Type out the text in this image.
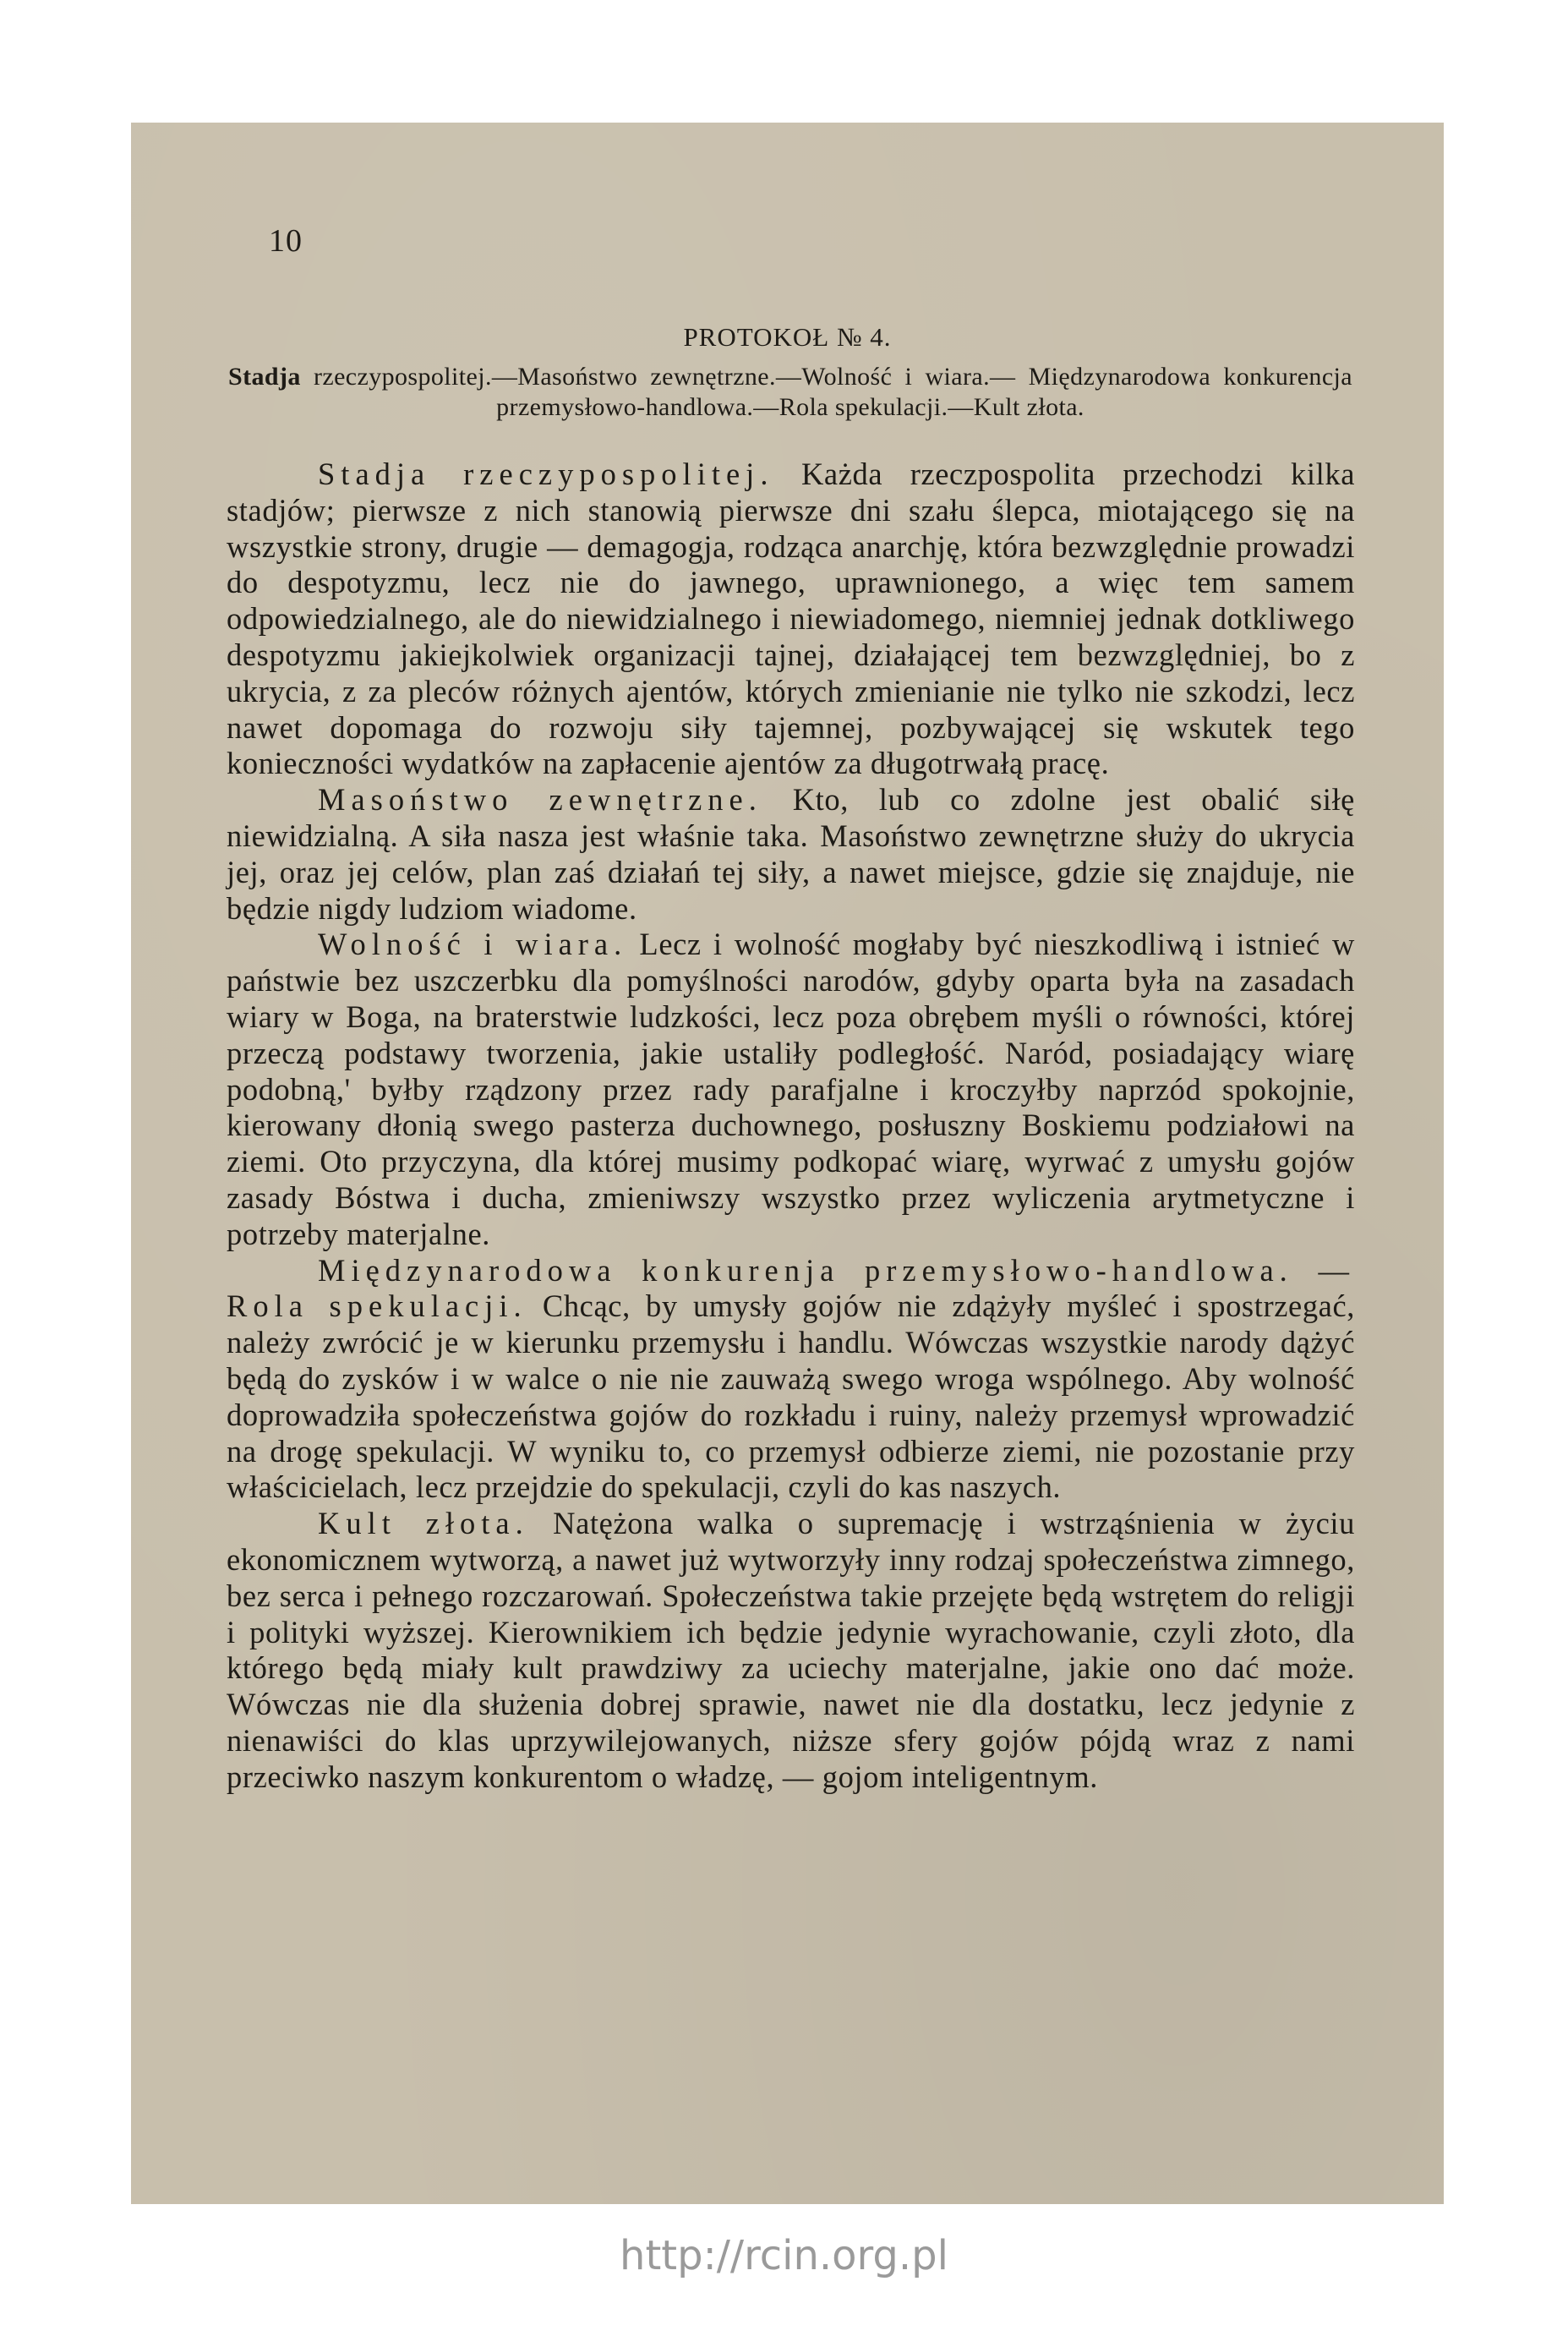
10
PROTOKOŁ № 4.
Stadja rzeczypospolitej.—Masoństwo zewnętrzne.—Wolność i wiara.— Międzynarodowa konkurencja przemysłowo-handlowa.—Rola spekulacji.—Kult złota.

Stadja rzeczypospolitej. Każda rzeczpospolita przechodzi kilka stadjów; pierwsze z nich stanowią pierwsze dni szału ślepca, miotającego się na wszystkie strony, drugie — demagogja, rodząca anarchję, która bezwzględnie prowadzi do despotyzmu, lecz nie do jawnego, uprawnionego, a więc tem samem odpowiedzialnego, ale do niewidzialnego i niewiadomego, niemniej jednak dotkliwego despotyzmu jakiejkolwiek organizacji tajnej, działającej tem bezwzględniej, bo z ukrycia, z za pleców różnych ajentów, których zmienianie nie tylko nie szkodzi, lecz nawet dopomaga do rozwoju siły tajemnej, pozbywającej się wskutek tego konieczności wydatków na zapłacenie ajentów za długotrwałą pracę.

Masoństwo zewnętrzne. Kto, lub co zdolne jest obalić siłę niewidzialną. A siła nasza jest właśnie taka. Masoństwo zewnętrzne służy do ukrycia jej, oraz jej celów, plan zaś działań tej siły, a nawet miejsce, gdzie się znajduje, nie będzie nigdy ludziom wiadome.

Wolność i wiara. Lecz i wolność mogłaby być nieszkodliwą i istnieć w państwie bez uszczerbku dla pomyślności narodów, gdyby oparta była na zasadach wiary w Boga, na braterstwie ludzkości, lecz poza obrębem myśli o równości, której przeczą podstawy tworzenia, jakie ustaliły podległość. Naród, posiadający wiarę podobną,' byłby rządzony przez rady parafjalne i kroczyłby naprzód spokojnie, kierowany dłonią swego pasterza duchownego, posłuszny Boskiemu podziałowi na ziemi. Oto przyczyna, dla której musimy podkopać wiarę, wyrwać z umysłu gojów zasady Bóstwa i ducha, zmieniwszy wszystko przez wyliczenia arytmetyczne i potrzeby materjalne.

Międzynarodowa konkurenja przemysłowo-handlowa. — Rola spekulacji. Chcąc, by umysły gojów nie zdążyły myśleć i spostrzegać, należy zwrócić je w kierunku przemysłu i handlu. Wówczas wszystkie narody dążyć będą do zysków i w walce o nie nie zauważą swego wroga wspólnego. Aby wolność doprowadziła społeczeństwa gojów do rozkładu i ruiny, należy przemysł wprowadzić na drogę spekulacji. W wyniku to, co przemysł odbierze ziemi, nie pozostanie przy właścicielach, lecz przejdzie do spekulacji, czyli do kas naszych.

Kult złota. Natężona walka o supremację i wstrząśnienia w życiu ekonomicznem wytworzą, a nawet już wytworzyły inny rodzaj społeczeństwa zimnego, bez serca i pełnego rozczarowań. Społeczeństwa takie przejęte będą wstrętem do religji i polityki wyższej. Kierownikiem ich będzie jedynie wyrachowanie, czyli złoto, dla którego będą miały kult prawdziwy za uciechy materjalne, jakie ono dać może. Wówczas nie dla służenia dobrej sprawie, nawet nie dla dostatku, lecz jedynie z nienawiści do klas uprzywilejowanych, niższe sfery gojów pójdą wraz z nami przeciwko naszym konkurentom o władzę, — gojom inteligentnym.

http://rcin.org.pl
